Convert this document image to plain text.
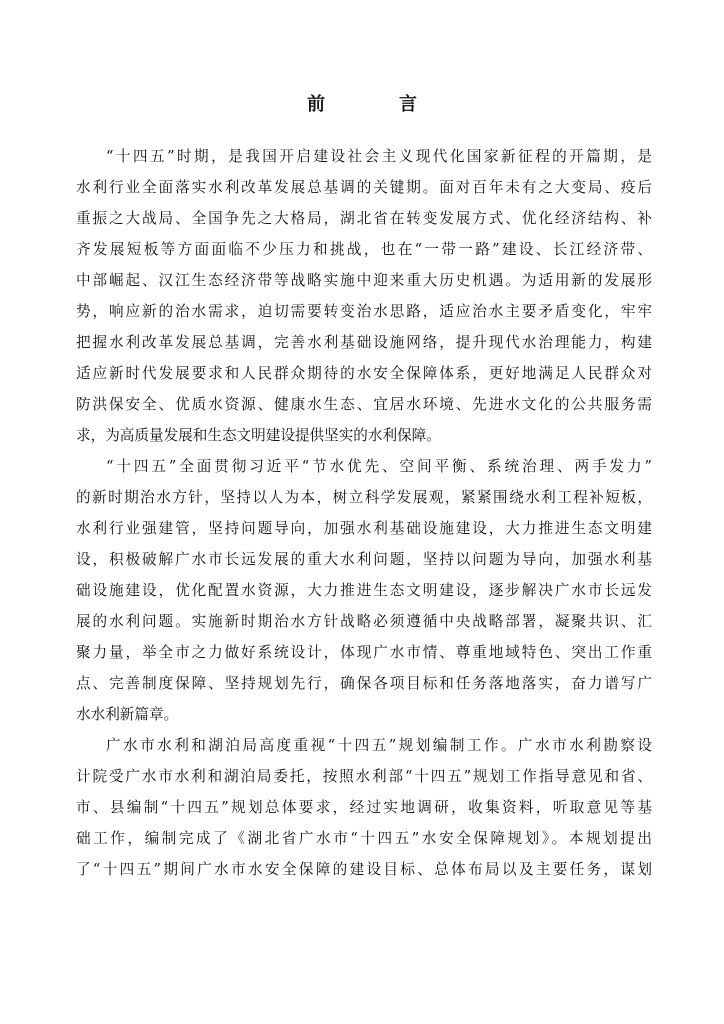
前　言
“十四五”时期，是我国开启建设社会主义现代化国家新征程的开篇期，是
水利行业全面落实水利改革发展总基调的关键期。面对百年未有之大变局、疫后
重振之大战局、全国争先之大格局，湖北省在转变发展方式、优化经济结构、补
齐发展短板等方面面临不少压力和挑战，也在“一带一路”建设、长江经济带、
中部崛起、汉江生态经济带等战略实施中迎来重大历史机遇。为适用新的发展形
势，响应新的治水需求，迫切需要转变治水思路，适应治水主要矛盾变化，牢牢
把握水利改革发展总基调，完善水利基础设施网络，提升现代水治理能力，构建
适应新时代发展要求和人民群众期待的水安全保障体系，更好地满足人民群众对
防洪保安全、优质水资源、健康水生态、宜居水环境、先进水文化的公共服务需
求，为高质量发展和生态文明建设提供坚实的水利保障。
“十四五”全面贯彻习近平“节水优先、空间平衡、系统治理、两手发力”
的新时期治水方针，坚持以人为本，树立科学发展观，紧紧围绕水利工程补短板，
水利行业强建管，坚持问题导向，加强水利基础设施建设，大力推进生态文明建
设，积极破解广水市长远发展的重大水利问题，坚持以问题为导向，加强水利基
础设施建设，优化配置水资源，大力推进生态文明建设，逐步解决广水市长远发
展的水利问题。实施新时期治水方针战略必须遵循中央战略部署，凝聚共识、汇
聚力量，举全市之力做好系统设计，体现广水市情、尊重地域特色、突出工作重
点、完善制度保障、坚持规划先行，确保各项目标和任务落地落实，奋力谱写广
水水利新篇章。
广水市水利和湖泊局高度重视“十四五”规划编制工作。广水市水利勘察设
计院受广水市水利和湖泊局委托，按照水利部“十四五”规划工作指导意见和省、
市、县编制“十四五”规划总体要求，经过实地调研，收集资料，听取意见等基
础工作，编制完成了《湖北省广水市“十四五”水安全保障规划》。本规划提出
了“十四五”期间广水市水安全保障的建设目标、总体布局以及主要任务，谋划
